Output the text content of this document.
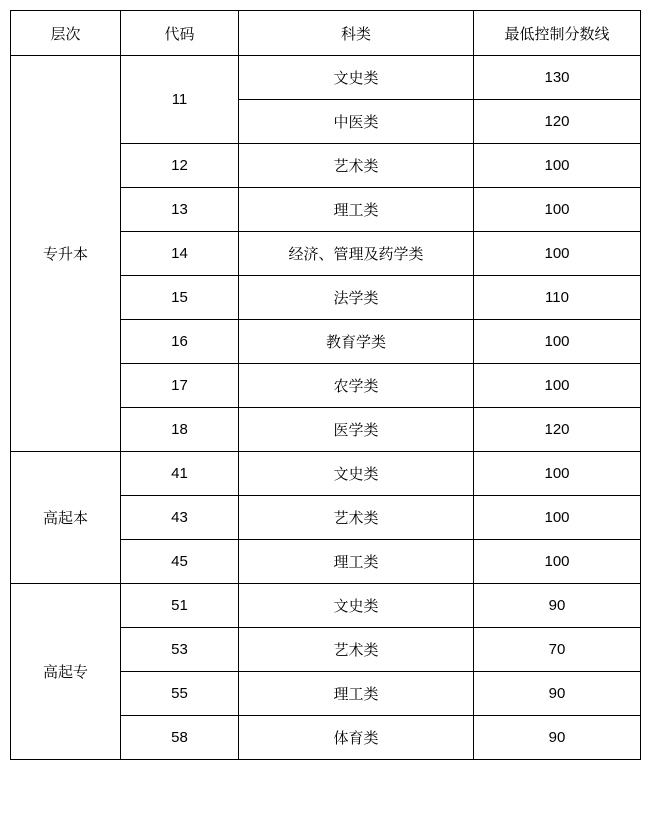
层次	代码	科类	最低控制分数线
专升本	11	文史类	130
		中医类	120
	12	艺术类	100
	13	理工类	100
	14	经济、管理及药学类	100
	15	法学类	110
	16	教育学类	100
	17	农学类	100
	18	医学类	120
高起本	41	文史类	100
	43	艺术类	100
	45	理工类	100
高起专	51	文史类	90
	53	艺术类	70
	55	理工类	90
	58	体育类	90
